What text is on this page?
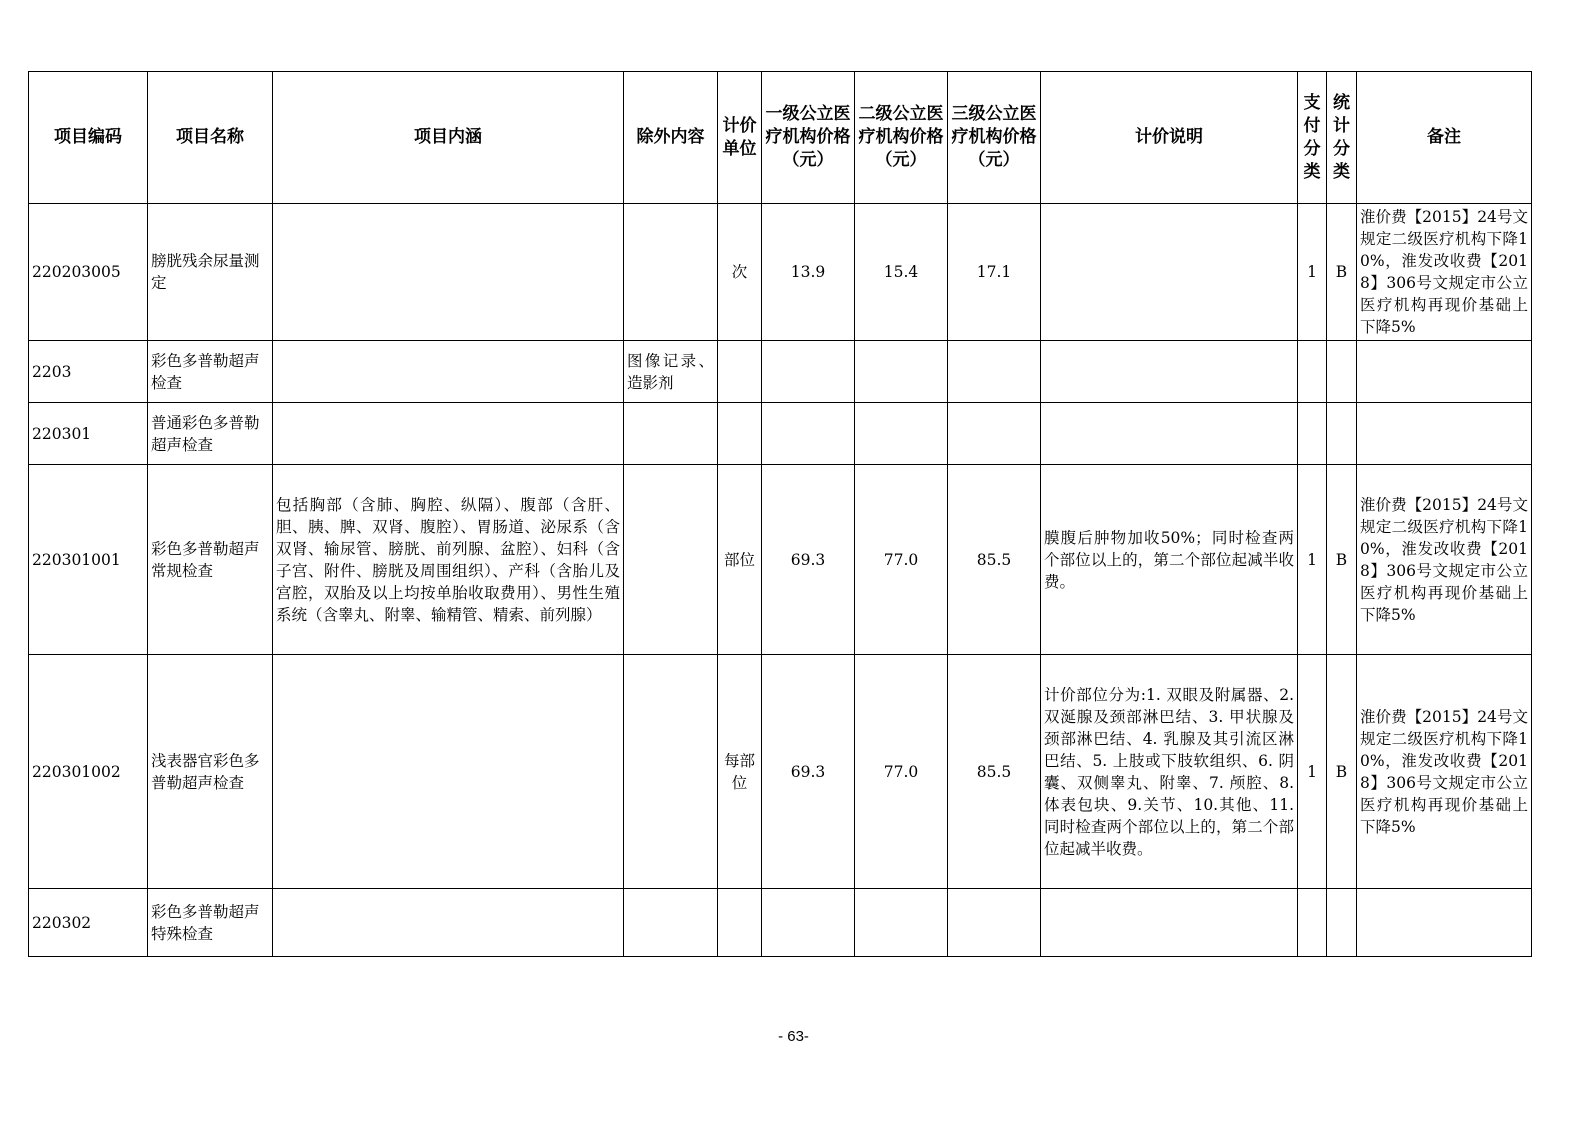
项目编码	项目名称	项目内涵	除外内容	计价单位	一级公立医疗机构价格（元）	二级公立医疗机构价格（元）	三级公立医疗机构价格（元）	计价说明	支付分类	统计分类	备注
220203005	膀胱残余尿量测定			次	13.9	15.4	17.1		1	B	淮价费【2015】24号文规定二级医疗机构下降10%，淮发改收费【2018】306号文规定市公立医疗机构再现价基础上下降5%
2203	彩色多普勒超声检查		图像记录、造影剂								
220301	普通彩色多普勒超声检查										
220301001	彩色多普勒超声常规检查	包括胸部（含肺、胸腔、纵隔）、腹部（含肝、胆、胰、脾、双肾、腹腔）、胃肠道、泌尿系（含双肾、输尿管、膀胱、前列腺、盆腔）、妇科（含子宫、附件、膀胱及周围组织）、产科（含胎儿及宫腔，双胎及以上均按单胎收取费用）、男性生殖系统（含睾丸、附睾、输精管、精索、前列腺）		部位	69.3	77.0	85.5	膜腹后肿物加收50%；同时检查两个部位以上的，第二个部位起减半收费。	1	B	淮价费【2015】24号文规定二级医疗机构下降10%，淮发改收费【2018】306号文规定市公立医疗机构再现价基础上下降5%
220301002	浅表器官彩色多普勒超声检查			每部位	69.3	77.0	85.5	计价部位分为:1. 双眼及附属器、2. 双涎腺及颈部淋巴结、3. 甲状腺及颈部淋巴结、4. 乳腺及其引流区淋巴结、5. 上肢或下肢软组织、6. 阴囊、双侧睾丸、附睾、7. 颅腔、8.体表包块、9.关节、10.其他、11.同时检查两个部位以上的，第二个部位起减半收费。	1	B	淮价费【2015】24号文规定二级医疗机构下降10%，淮发改收费【2018】306号文规定市公立医疗机构再现价基础上下降5%
220302	彩色多普勒超声特殊检查										
- 63-
